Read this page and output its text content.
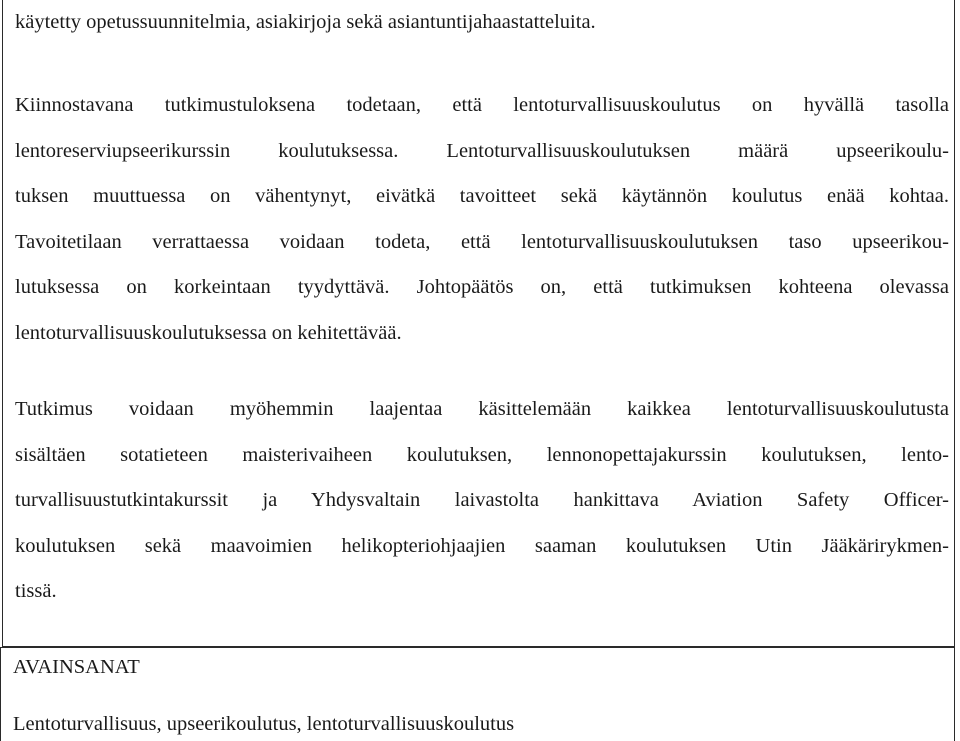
käytetty opetussuunnitelmia, asiakirjoja sekä asiantuntijahaastatteluita.
Kiinnostavana tutkimustuloksena todetaan, että lentoturvallisuuskoulutus on hyvällä tasolla
lentoreserviupseerikurssin koulutuksessa. Lentoturvallisuuskoulutuksen määrä upseerikoulu-
tuksen muuttuessa on vähentynyt, eivätkä tavoitteet sekä käytännön koulutus enää kohtaa.
Tavoitetilaan verrattaessa voidaan todeta, että lentoturvallisuuskoulutuksen taso upseerikou-
lutuksessa on korkeintaan tyydyttävä. Johtopäätös on, että tutkimuksen kohteena olevassa
lentoturvallisuuskoulutuksessa on kehitettävää.
Tutkimus voidaan myöhemmin laajentaa käsittelemään kaikkea lentoturvallisuuskoulutusta
sisältäen sotatieteen maisterivaiheen koulutuksen, lennonopettajakurssin koulutuksen, lento-
turvallisuustutkintakurssit ja Yhdysvaltain laivastolta hankittava Aviation Safety Officer-
koulutuksen sekä maavoimien helikopteriohjaajien saaman koulutuksen Utin Jääkärirykmen-
tissä.

AVAINSANAT

Lentoturvallisuus, upseerikoulutus, lentoturvallisuuskoulutus
